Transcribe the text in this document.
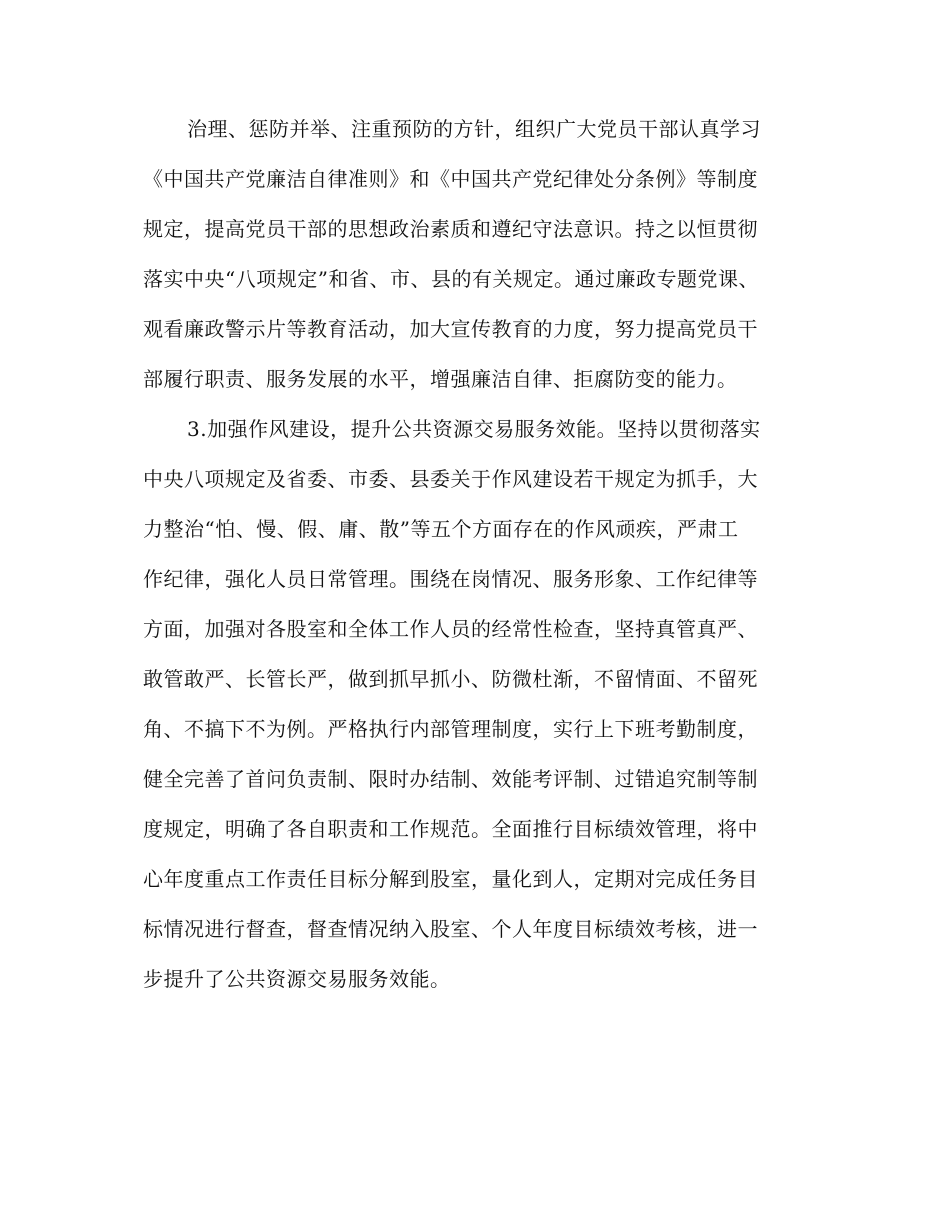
治理、惩防并举、注重预防的方针，组织广大党员干部认真学习
《中国共产党廉洁自律准则》和《中国共产党纪律处分条例》等制度
规定，提高党员干部的思想政治素质和遵纪守法意识。持之以恒贯彻
落实中央“八项规定”和省、市、县的有关规定。通过廉政专题党课、
观看廉政警示片等教育活动，加大宣传教育的力度，努力提高党员干
部履行职责、服务发展的水平，增强廉洁自律、拒腐防变的能力。
3.加强作风建设，提升公共资源交易服务效能。坚持以贯彻落实
中央八项规定及省委、市委、县委关于作风建设若干规定为抓手，大
力整治“怕、慢、假、庸、散”等五个方面存在的作风顽疾，严肃工
作纪律，强化人员日常管理。围绕在岗情况、服务形象、工作纪律等
方面，加强对各股室和全体工作人员的经常性检查，坚持真管真严、
敢管敢严、长管长严，做到抓早抓小、防微杜渐，不留情面、不留死
角、不搞下不为例。严格执行内部管理制度，实行上下班考勤制度，
健全完善了首问负责制、限时办结制、效能考评制、过错追究制等制
度规定，明确了各自职责和工作规范。全面推行目标绩效管理，将中
心年度重点工作责任目标分解到股室，量化到人，定期对完成任务目
标情况进行督查，督查情况纳入股室、个人年度目标绩效考核，进一
步提升了公共资源交易服务效能。
